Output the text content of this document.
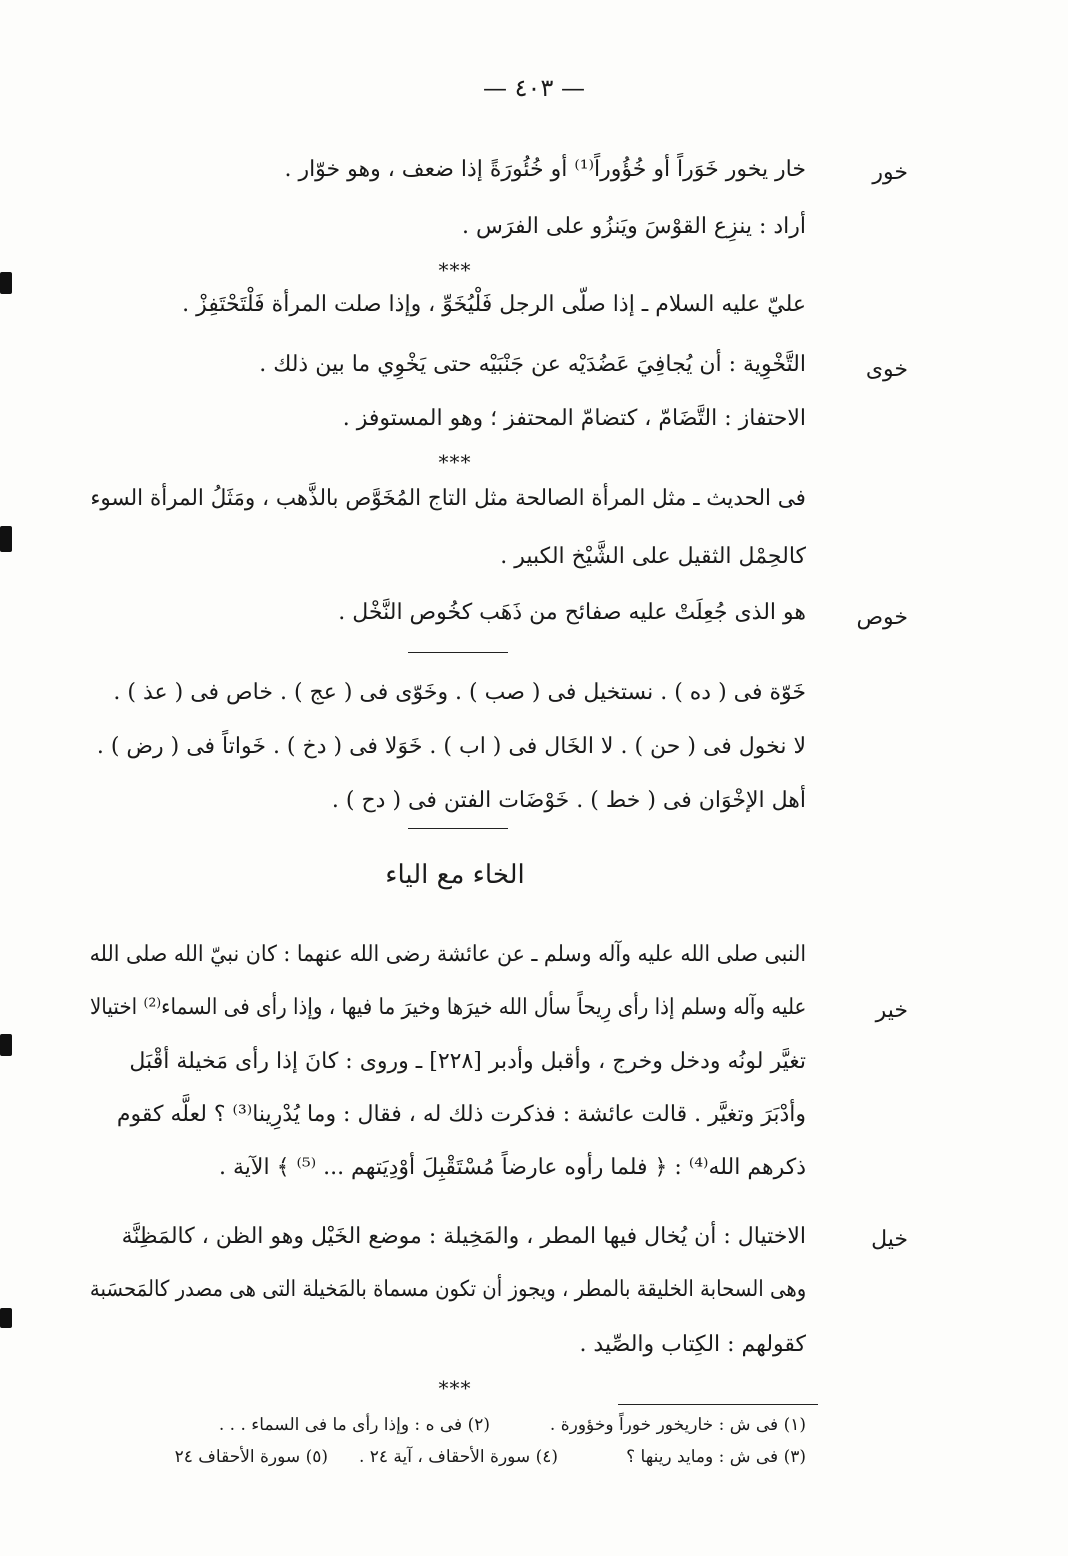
— ٤٠٣ —
خور
خار يخور خَوَراً أو خُؤُوراً⁽¹⁾ أو خُئُورَةً إذا ضعف ، وهو خوّار .
أراد : ينزِع القوْسَ ويَنزُو على الفرَس .
***
عليّ عليه السلام ـ إذا صلّى الرجل فَلْيُخَوِّ ، وإذا صلت المرأة فَلْتَحْتَفِزْ .
خوى
التَّخْوِية : أن يُجافِيَ عَضُدَيْه عن جَنْبَيْه حتى يَخْوِي ما بين ذلك .
الاحتفاز : التَّضَامّ ، كتضامّ المحتفز ؛ وهو المستوفز .
***
فى الحديث ـ مثل المرأة الصالحة مثل التاج المُخَوَّص بالذَّهب ، ومَثَلُ المرأة السوء
كالحِمْل الثقيل على الشَّيْخ الكبير .
خوص
هو الذى جُعِلَتْ عليه صفائح من ذَهَب كخُوص النَّخْل .
خَوّة فى ( ده ) . نستخيل فى ( صب ) . وخَوّى فى ( عج ) . خاص فى ( عذ ) .
لا نخول فى ( حن ) . لا الخَال فى ( اب ) . خَوَلا فى ( دخ ) . خَواتاً فى ( رض ) .
أهل الإخْوَان فى ( خط ) . خَوْضَات الفتن فى ( دح ) .
الخاء مع الياء
النبى صلى الله عليه وآله وسلم ـ عن عائشة رضى الله عنهما : كان نبيّ الله صلى الله
خير
عليه وآله وسلم إذا رأى رِيحاً سأل الله خيرَها وخيرَ ما فيها ، وإذا رأى فى السماء⁽²⁾ اختيالا
تغيَّر لونُه ودخل وخرج ، وأقبل وأدبر [٢٢٨] ـ وروى : كانَ إذا رأى مَخيلة أقْبَل
وأدْبَرَ وتغيَّر . قالت عائشة : فذكرت ذلك له ، فقال : وما يُدْرِينا⁽³⁾ ؟ لعلَّه كقوم
ذكرهم الله⁽⁴⁾ : ﴿ فلما رأوه عارضاً مُسْتَقْبِلَ أوْدِيَتهم ... ⁽⁵⁾ ﴾ الآية .
خيل
الاختيال : أن يُخال فيها المطر ، والمَخِيلة : موضع الخَيْل وهو الظن ، كالمَظِنَّة
وهى السحابة الخليقة بالمطر ، ويجوز أن تكون مسماة بالمَخيلة التى هى مصدر كالمَحسَبة
كقولهم : الكِتاب والصِّيد .
***
(١) فى ش : خاريخور خوراً وخؤورة .
(٢) فى ه : وإذا رأى ما فى السماء . . .
(٣) فى ش : ومايد رينها ؟
(٤) سورة الأحقاف ، آية ٢٤ .
(٥) سورة الأحقاف ٢٤
